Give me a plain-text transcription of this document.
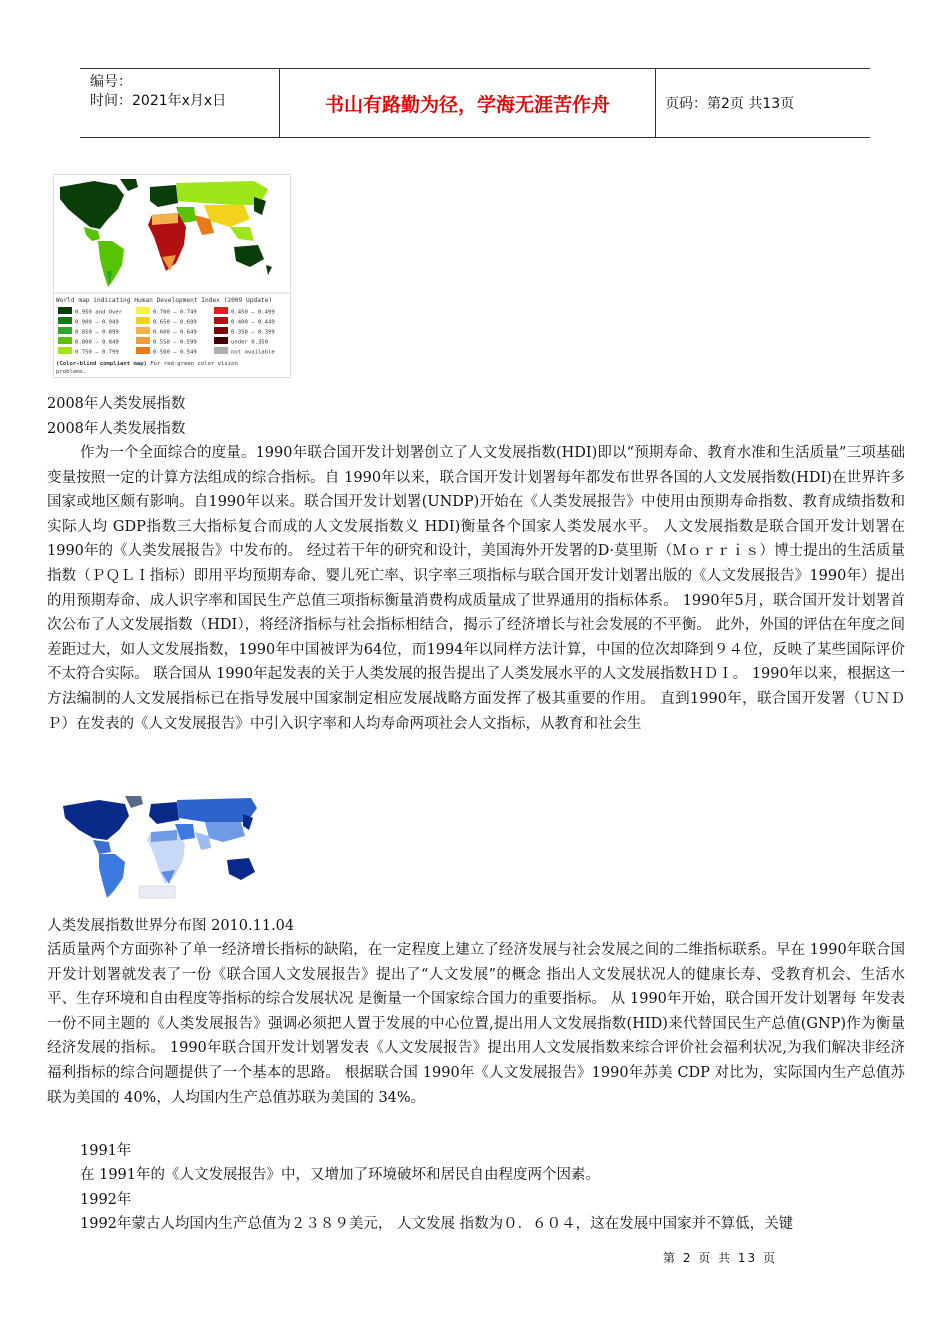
编号：
时间：2021年x月x日	书山有路勤为径，学海无涯苦作舟	页码：第2页 共13页
World map indicating Human Development Index (2009 Update)
0.950 and Over
0.900 – 0.949
0.850 – 0.899
0.800 – 0.849
0.750 – 0.799
0.700 – 0.749
0.650 – 0.699
0.600 – 0.649
0.550 – 0.599
0.500 – 0.549
0.450 – 0.499
0.400 – 0.449
0.350 – 0.399
under 0.350
not available
(Color-blind compliant map) For red-green color vision
problems.
2008年人类发展指数
2008年人类发展指数
作为一个全面综合的度量。1990年联合国开发计划署创立了人文发展指数(HDI)即以“预期寿命、教育水准和生活质量”三项基础变量按照一定的计算方法组成的综合指标。自 1990年以来，联合国开发计划署每年都发布世界各国的人文发展指数(HDI)在世界许多国家或地区颇有影响。自1990年以来。联合国开发计划署(UNDP)开始在《人类发展报告》中使用由预期寿命指数、教育成绩指数和实际人均 GDP指数三大指标复合而成的人文发展指数义 HDI)衡量各个国家人类发展水平。 人文发展指数是联合国开发计划署在 1990年的《人类发展报告》中发布的。 经过若干年的研究和设计，美国海外开发署的D·莫里斯（Ｍｏｒｒｉｓ）博士提出的生活质量指数（ＰＱＬＩ指标）即用平均预期寿命、婴儿死亡率、识字率三项指标与联合国开发计划署出版的《人文发展报告》1990年）提出的用预期寿命、成人识字率和国民生产总值三项指标衡量消费构成质量成了世界通用的指标体系。 1990年5月，联合国开发计划署首次公布了人文发展指数（HDI），将经济指标与社会指标相结合，揭示了经济增长与社会发展的不平衡。 此外，外国的评估在年度之间差距过大，如人文发展指数，1990年中国被评为64位，而1994年以同样方法计算，中国的位次却降到９４位，反映了某些国际评价不太符合实际。 联合国从 1990年起发表的关于人类发展的报告提出了人类发展水平的人文发展指数ＨＤＩ。 1990年以来，根据这一方法编制的人文发展指标已在指导发展中国家制定相应发展战略方面发挥了极其重要的作用。 直到1990年，联合国开发署（ＵＮＤＰ）在发表的《人文发展报告》中引入识字率和人均寿命两项社会人文指标，从教育和社会生
人类发展指数世界分布图 2010.11.04
活质量两个方面弥补了单一经济增长指标的缺陷，在一定程度上建立了经济发展与社会发展之间的二维指标联系。早在 1990年联合国开发计划署就发表了一份《联合国人文发展报告》提出了“人文发展”的概念 指出人文发展状况人的健康长寿、受教育机会、生活水平、生存环境和自由程度等指标的综合发展状况 是衡量一个国家综合国力的重要指标。 从 1990年开始，联合国开发计划署每 年发表一份不同主题的《人类发展报告》强调必须把人置于发展的中心位置,提出用人文发展指数(HID)来代替国民生产总值(GNP)作为衡量经济发展的指标。 1990年联合国开发计划署发表《人文发展报告》提出用人文发展指数来综合评价社会福利状况,为我们解决非经济福利指标的综合问题提供了一个基本的思路。 根据联合国 1990年《人文发展报告》1990年苏美 CDP 对比为，实际国内生产总值苏联为美国的 40%，人均国内生产总值苏联为美国的 34%。
1991年
在 1991年的《人文发展报告》中，又增加了环境破坏和居民自由程度两个因素。
1992年
1992年蒙古人均国内生产总值为２３８９美元， 人文发展 指数为０．６０４，这在发展中国家并不算低，关键
第 2 页 共 13 页
